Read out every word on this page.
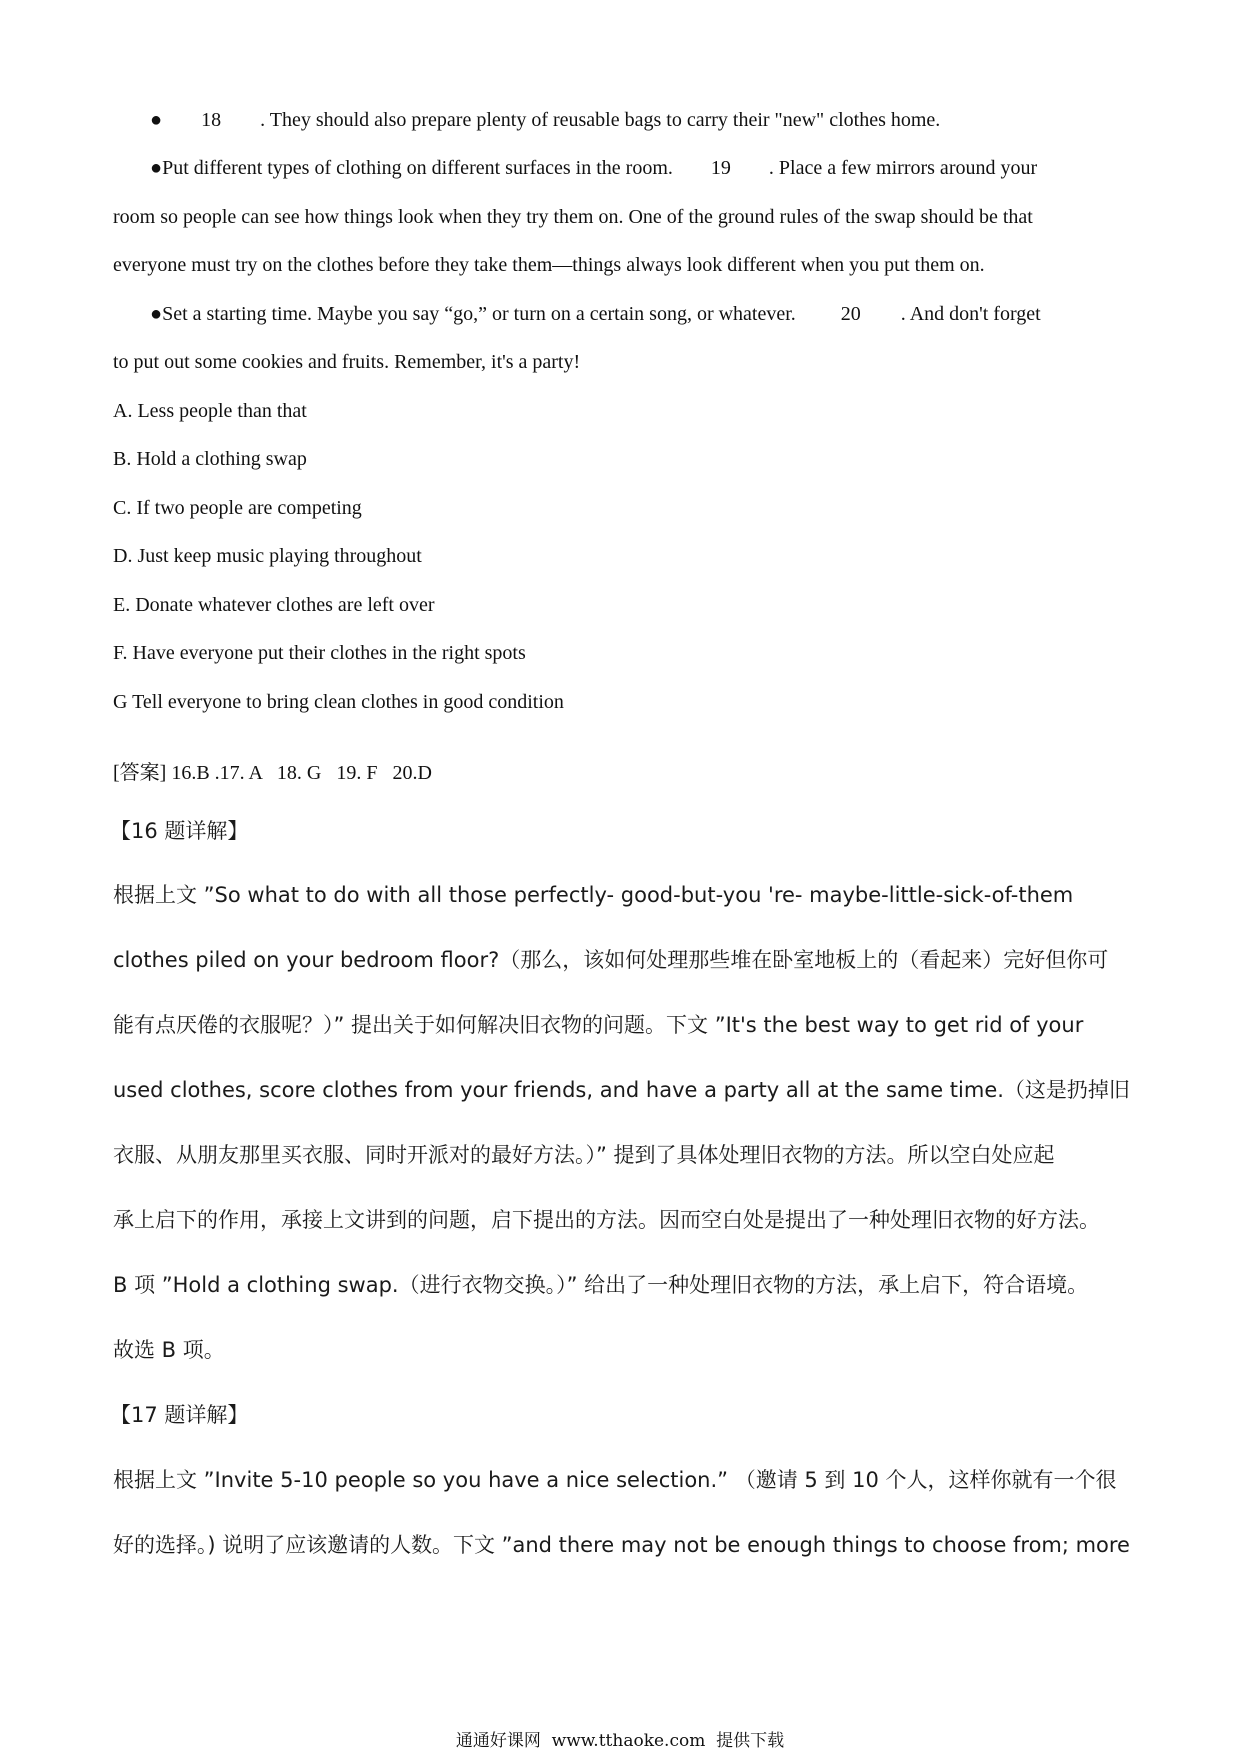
● 18 . They should also prepare plenty of reusable bags to carry their "new" clothes home.
●Put different types of clothing on different surfaces in the room. 19 . Place a few mirrors around your
room so people can see how things look when they try them on. One of the ground rules of the swap should be that
everyone must try on the clothes before they take them—things always look different when you put them on.
●Set a starting time. Maybe you say “go,” or turn on a certain song, or whatever. 20 . And don't forget
to put out some cookies and fruits. Remember, it's a party!
A. Less people than that
B. Hold a clothing swap
C. If two people are competing
D. Just keep music playing throughout
E. Donate whatever clothes are left over
F. Have everyone put their clothes in the right spots
G Tell everyone to bring clean clothes in good condition
[答案] 16.B .17. A   18. G   19. F   20.D
【16 题详解】
根据上文 ”So what to do with all those perfectly- good-but-you 're- maybe-little-sick-of-them
clothes piled on your bedroom floor?（那么，该如何处理那些堆在卧室地板上的（看起来）完好但你可
能有点厌倦的衣服呢？）” 提出关于如何解决旧衣物的问题。下文 ”It's the best way to get rid of your
used clothes, score clothes from your friends, and have a party all at the same time.（这是扔掉旧
衣服、从朋友那里买衣服、同时开派对的最好方法。）” 提到了具体处理旧衣物的方法。所以空白处应起
承上启下的作用，承接上文讲到的问题，启下提出的方法。因而空白处是提出了一种处理旧衣物的好方法。
B 项 ”Hold a clothing swap.（进行衣物交换。）” 给出了一种处理旧衣物的方法，承上启下，符合语境。
故选 B 项。
【17 题详解】
根据上文 ”Invite 5-10 people so you have a nice selection.” （邀请 5 到 10 个人，这样你就有一个很
好的选择。) 说明了应该邀请的人数。下文 ”and there may not be enough things to choose from; more
通通好课网  www.tthaoke.com  提供下载
